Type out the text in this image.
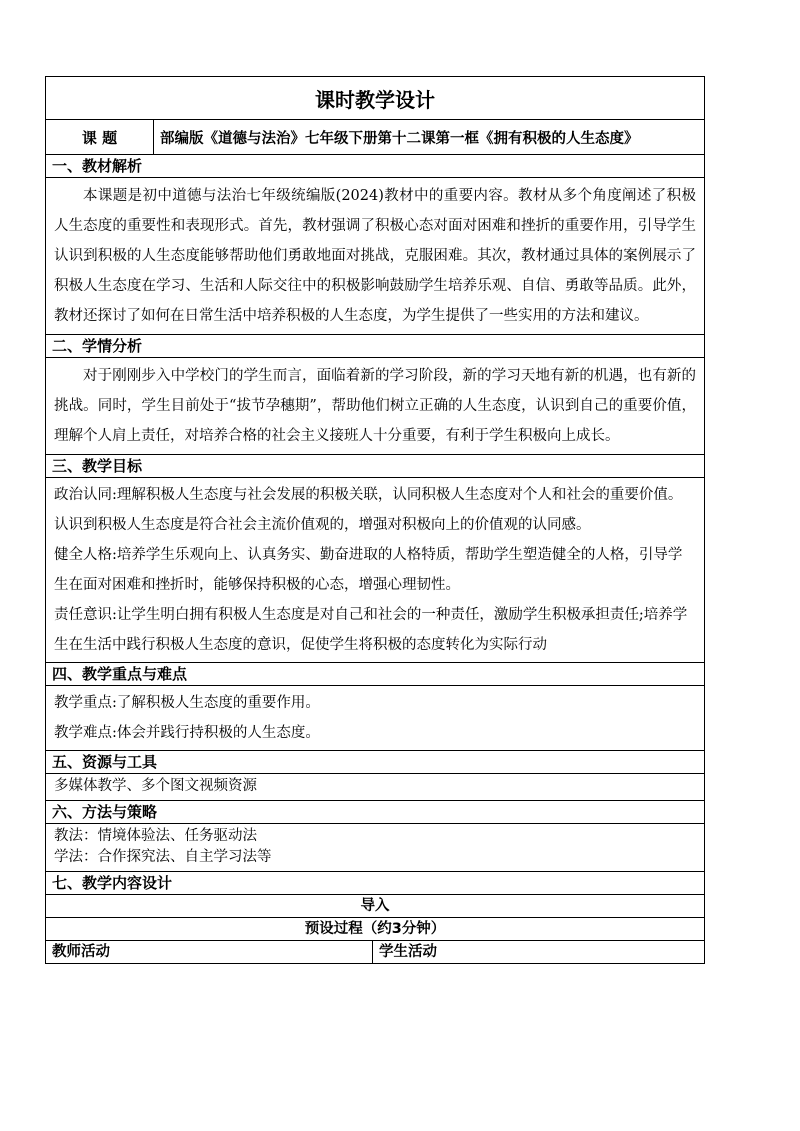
课时教学设计		
课 题	部编版《道德与法治》七年级下册第十二课第一框《拥有积极的人生态度》	
一、教材解析		

本课题是初中道德与法治七年级统编版(2024)教材中的重要内容。教材从多个角度阐述了积极人生态度的重要性和表现形式。首先，教材强调了积极心态对面对困难和挫折的重要作用，引导学生认识到积极的人生态度能够帮助他们勇敢地面对挑战，克服困难。其次，教材通过具体的案例展示了积极人生态度在学习、生活和人际交往中的积极影响鼓励学生培养乐观、自信、勇敢等品质。此外，教材还探讨了如何在日常生活中培养积极的人生态度，为学生提供了一些实用的方法和建议。		

二、学情分析		

对于刚刚步入中学校门的学生而言，面临着新的学习阶段，新的学习天地有新的机遇，也有新的挑战。同时，学生目前处于“拔节孕穗期”，帮助他们树立正确的人生态度，认识到自己的重要价值，理解个人肩上责任，对培养合格的社会主义接班人十分重要，有利于学生积极向上成长。		

三、教学目标		

政治认同:理解积极人生态度与社会发展的积极关联，认同积极人生态度对个人和社会的重要价值。认识到积极人生态度是符合社会主流价值观的，增强对积极向上的价值观的认同感。

健全人格:培养学生乐观向上、认真务实、勤奋进取的人格特质，帮助学生塑造健全的人格，引导学生在面对困难和挫折时，能够保持积极的心态，增强心理韧性。

责任意识:让学生明白拥有积极人生态度是对自己和社会的一种责任，激励学生积极承担责任;培养学生在生活中践行积极人生态度的意识，促使学生将积极的态度转化为实际行动		

四、教学重点与难点		

教学重点:了解积极人生态度的重要作用。

教学难点:体会并践行持积极的人生态度。		

五、资源与工具		

多媒体教学、多个图文视频资源		

六、方法与策略		

教法：情境体验法、任务驱动法

学法：合作探究法、自主学习法等		

七、教学内容设计		
导入		
预设过程（约3分钟）		
教师活动		学生活动
